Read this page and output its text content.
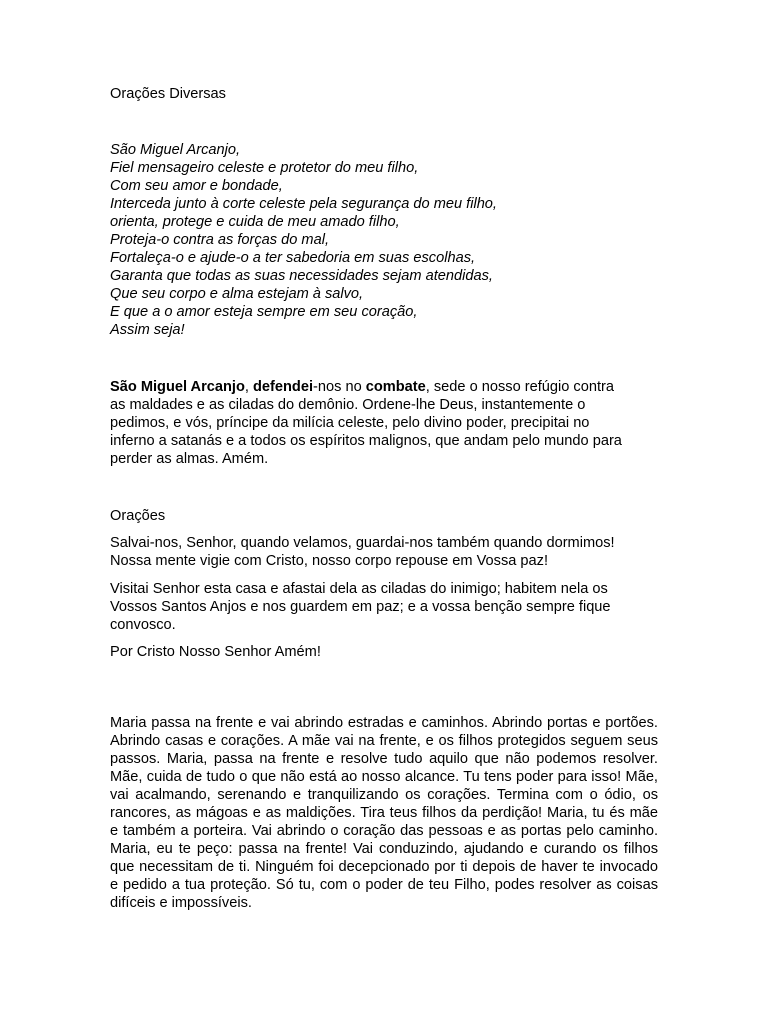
Orações Diversas
São Miguel Arcanjo,
Fiel mensageiro celeste e protetor do meu filho,
Com seu amor e bondade,
Interceda junto à corte celeste pela segurança do meu filho,
orienta, protege e cuida de meu amado filho,
Proteja-o contra as forças do mal,
Fortaleça-o e ajude-o a ter sabedoria em suas escolhas,
Garanta que todas as suas necessidades sejam atendidas,
Que seu corpo e alma estejam à salvo,
E que a o amor esteja sempre em seu coração,
Assim seja!
São Miguel Arcanjo, defendei-nos no combate, sede o nosso refúgio contra
as maldades e as ciladas do demônio. Ordene-lhe Deus, instantemente o
pedimos, e vós, príncipe da milícia celeste, pelo divino poder, precipitai no
inferno a satanás e a todos os espíritos malignos, que andam pelo mundo para
perder as almas. Amém.
Orações
Salvai-nos, Senhor, quando velamos, guardai-nos também quando dormimos!
Nossa mente vigie com Cristo, nosso corpo repouse em Vossa paz!
Visitai Senhor esta casa e afastai dela as ciladas do inimigo; habitem nela os
Vossos Santos Anjos e nos guardem em paz; e a vossa benção sempre fique
convosco.
Por Cristo Nosso Senhor Amém!

Maria passa na frente e vai abrindo estradas e caminhos. Abrindo portas e portões. Abrindo casas e corações. A mãe vai na frente, e os filhos protegidos seguem seus passos. Maria, passa na frente e resolve tudo aquilo que não podemos resolver. Mãe, cuida de tudo o que não está ao nosso alcance. Tu tens poder para isso! Mãe, vai acalmando, serenando e tranquilizando os corações. Termina com o ódio, os rancores, as mágoas e as maldições. Tira teus filhos da perdição! Maria, tu és mãe e também a porteira. Vai abrindo o coração das pessoas e as portas pelo caminho. Maria, eu te peço: passa na frente! Vai conduzindo, ajudando e curando os filhos que necessitam de ti. Ninguém foi decepcionado por ti depois de haver te invocado e pedido a tua proteção. Só tu, com o poder de teu Filho, podes resolver as coisas difíceis e impossíveis.
